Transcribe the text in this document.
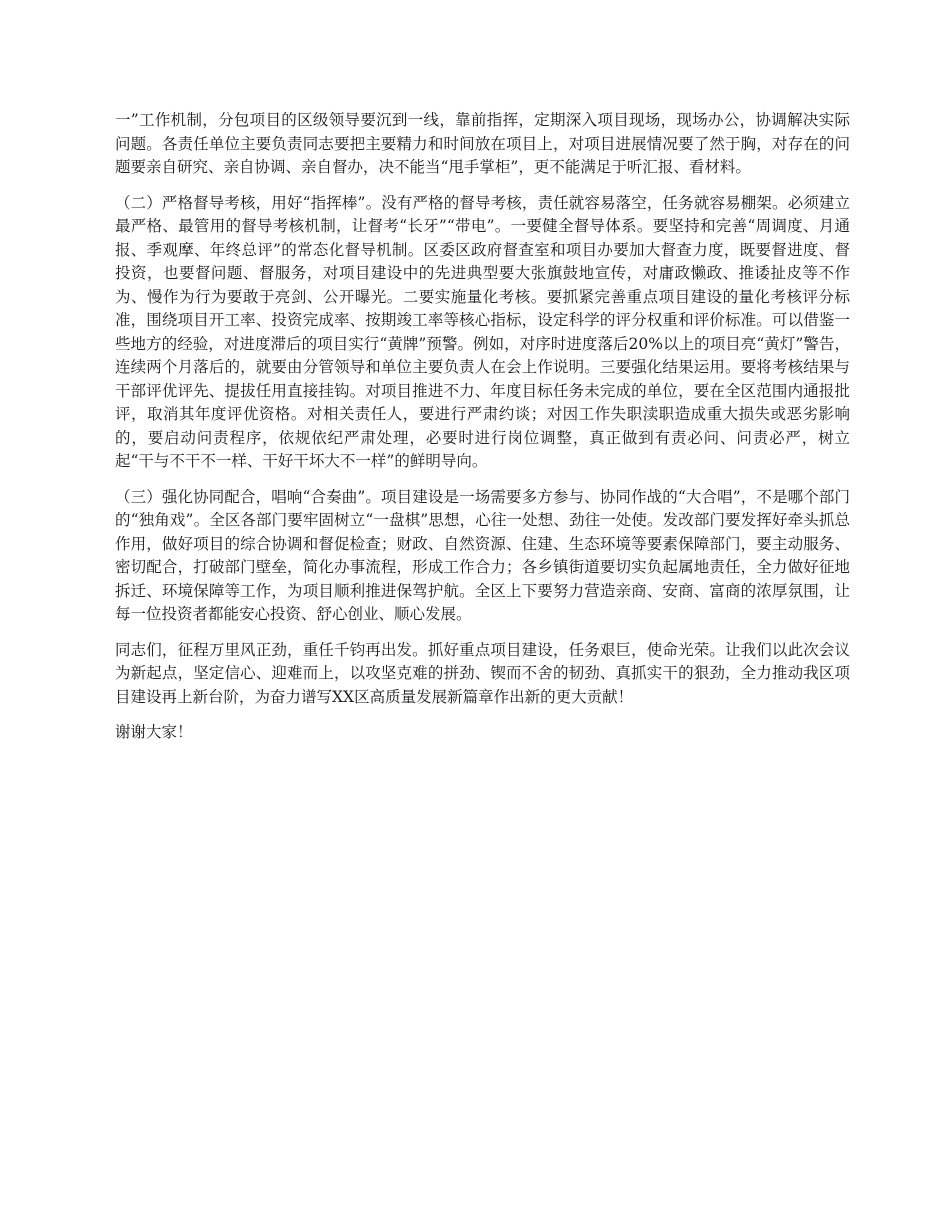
一”工作机制，分包项目的区级领导要沉到一线，靠前指挥，定期深入项目现场，现场办公，协调解决实际问题。各责任单位主要负责同志要把主要精力和时间放在项目上，对项目进展情况要了然于胸，对存在的问题要亲自研究、亲自协调、亲自督办，决不能当“甩手掌柜”，更不能满足于听汇报、看材料。

（二）严格督导考核，用好“指挥棒”。没有严格的督导考核，责任就容易落空，任务就容易棚架。必须建立最严格、最管用的督导考核机制，让督考“长牙”“带电”。一要健全督导体系。要坚持和完善“周调度、月通报、季观摩、年终总评”的常态化督导机制。区委区政府督查室和项目办要加大督查力度，既要督进度、督投资，也要督问题、督服务，对项目建设中的先进典型要大张旗鼓地宣传，对庸政懒政、推诿扯皮等不作为、慢作为行为要敢于亮剑、公开曝光。二要实施量化考核。要抓紧完善重点项目建设的量化考核评分标准，围绕项目开工率、投资完成率、按期竣工率等核心指标，设定科学的评分权重和评价标准。可以借鉴一些地方的经验，对进度滞后的项目实行“黄牌”预警。例如，对序时进度落后20%以上的项目亮“黄灯”警告，连续两个月落后的，就要由分管领导和单位主要负责人在会上作说明。三要强化结果运用。要将考核结果与干部评优评先、提拔任用直接挂钩。对项目推进不力、年度目标任务未完成的单位，要在全区范围内通报批评，取消其年度评优资格。对相关责任人，要进行严肃约谈；对因工作失职渎职造成重大损失或恶劣影响的，要启动问责程序，依规依纪严肃处理，必要时进行岗位调整，真正做到有责必问、问责必严，树立起“干与不干不一样、干好干坏大不一样”的鲜明导向。

（三）强化协同配合，唱响“合奏曲”。项目建设是一场需要多方参与、协同作战的“大合唱”，不是哪个部门的“独角戏”。全区各部门要牢固树立“一盘棋”思想，心往一处想、劲往一处使。发改部门要发挥好牵头抓总作用，做好项目的综合协调和督促检查；财政、自然资源、住建、生态环境等要素保障部门，要主动服务、密切配合，打破部门壁垒，简化办事流程，形成工作合力；各乡镇街道要切实负起属地责任，全力做好征地拆迁、环境保障等工作，为项目顺利推进保驾护航。全区上下要努力营造亲商、安商、富商的浓厚氛围，让每一位投资者都能安心投资、舒心创业、顺心发展。

同志们，征程万里风正劲，重任千钧再出发。抓好重点项目建设，任务艰巨，使命光荣。让我们以此次会议为新起点，坚定信心、迎难而上，以攻坚克难的拼劲、锲而不舍的韧劲、真抓实干的狠劲，全力推动我区项目建设再上新台阶，为奋力谱写XX区高质量发展新篇章作出新的更大贡献！

谢谢大家！
